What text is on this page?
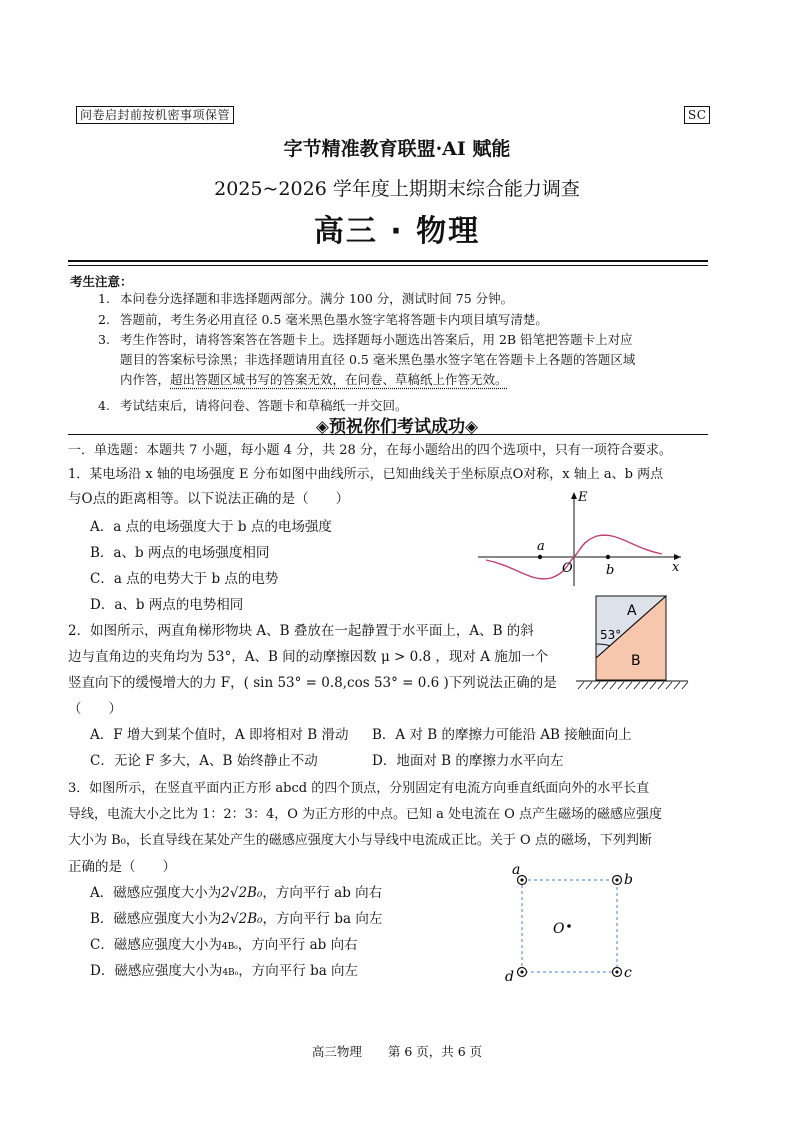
问卷启封前按机密事项保管	SC
字节精准教育联盟·AI 赋能
2025~2026 学年度上期期末综合能力调查
高三 · 物理
考生注意：
1. 本问卷分选择题和非选择题两部分。满分 100 分，测试时间 75 分钟。
2. 答题前，考生务必用直径 0.5 毫米黑色墨水签字笔将答题卡内项目填写清楚。
3. 考生作答时，请将答案答在答题卡上。选择题每小题选出答案后，用 2B 铅笔把答题卡上对应
题目的答案标号涂黑；非选择题请用直径 0.5 毫米黑色墨水签字笔在答题卡上各题的答题区域
内作答，超出答题区域书写的答案无效，在问卷、草稿纸上作答无效。
4. 考试结束后，请将问卷、答题卡和草稿纸一并交回。
◈预祝你们考试成功◈
一．单选题：本题共 7 小题，每小题 4 分，共 28 分，在每小题给出的四个选项中，只有一项符合要求。
1．某电场沿 x 轴的电场强度 E 分布如图中曲线所示，已知曲线关于坐标原点O对称，x 轴上 a、b 两点
与O点的距离相等。以下说法正确的是（　　）
A．a 点的电场强度大于 b 点的电场强度
B．a、b 两点的电场强度相同
C．a 点的电势大于 b 点的电势
D．a、b 两点的电势相同
E
x
O
a
b
2．如图所示，两直角梯形物块 A、B 叠放在一起静置于水平面上，A、B 的斜
边与直角边的夹角均为 53°，A、B 间的动摩擦因数 μ > 0.8 ，现对 A 施加一个
竖直向下的缓慢增大的力 F，( sin 53° = 0.8,cos 53° = 0.6 )下列说法正确的是
（　　）
A．F 增大到某个值时，A 即将相对 B 滑动 B．A 对 B 的摩擦力可能沿 AB 接触面向上
C．无论 F 多大，A、B 始终静止不动	D．地面对 B 的摩擦力水平向左
A
B
53°
3．如图所示，在竖直平面内正方形 abcd 的四个顶点，分别固定有电流方向垂直纸面向外的水平长直
导线，电流大小之比为 1：2：3：4，O 为正方形的中点。已知 a 处电流在 O 点产生磁场的磁感应强度
大小为 B₀，长直导线在某处产生的磁感应强度大小与导线中电流成正比。关于 O 点的磁场，下列判断
正确的是（　　）
A．磁感应强度大小为2√2B₀，方向平行 ab 向右
B．磁感应强度大小为2√2B₀，方向平行 ba 向左
C．磁感应强度大小为4B₀，方向平行 ab 向右
D．磁感应强度大小为4B₀，方向平行 ba 向左
a
b
c
d
O
高三物理 第 6 页，共 6 页
